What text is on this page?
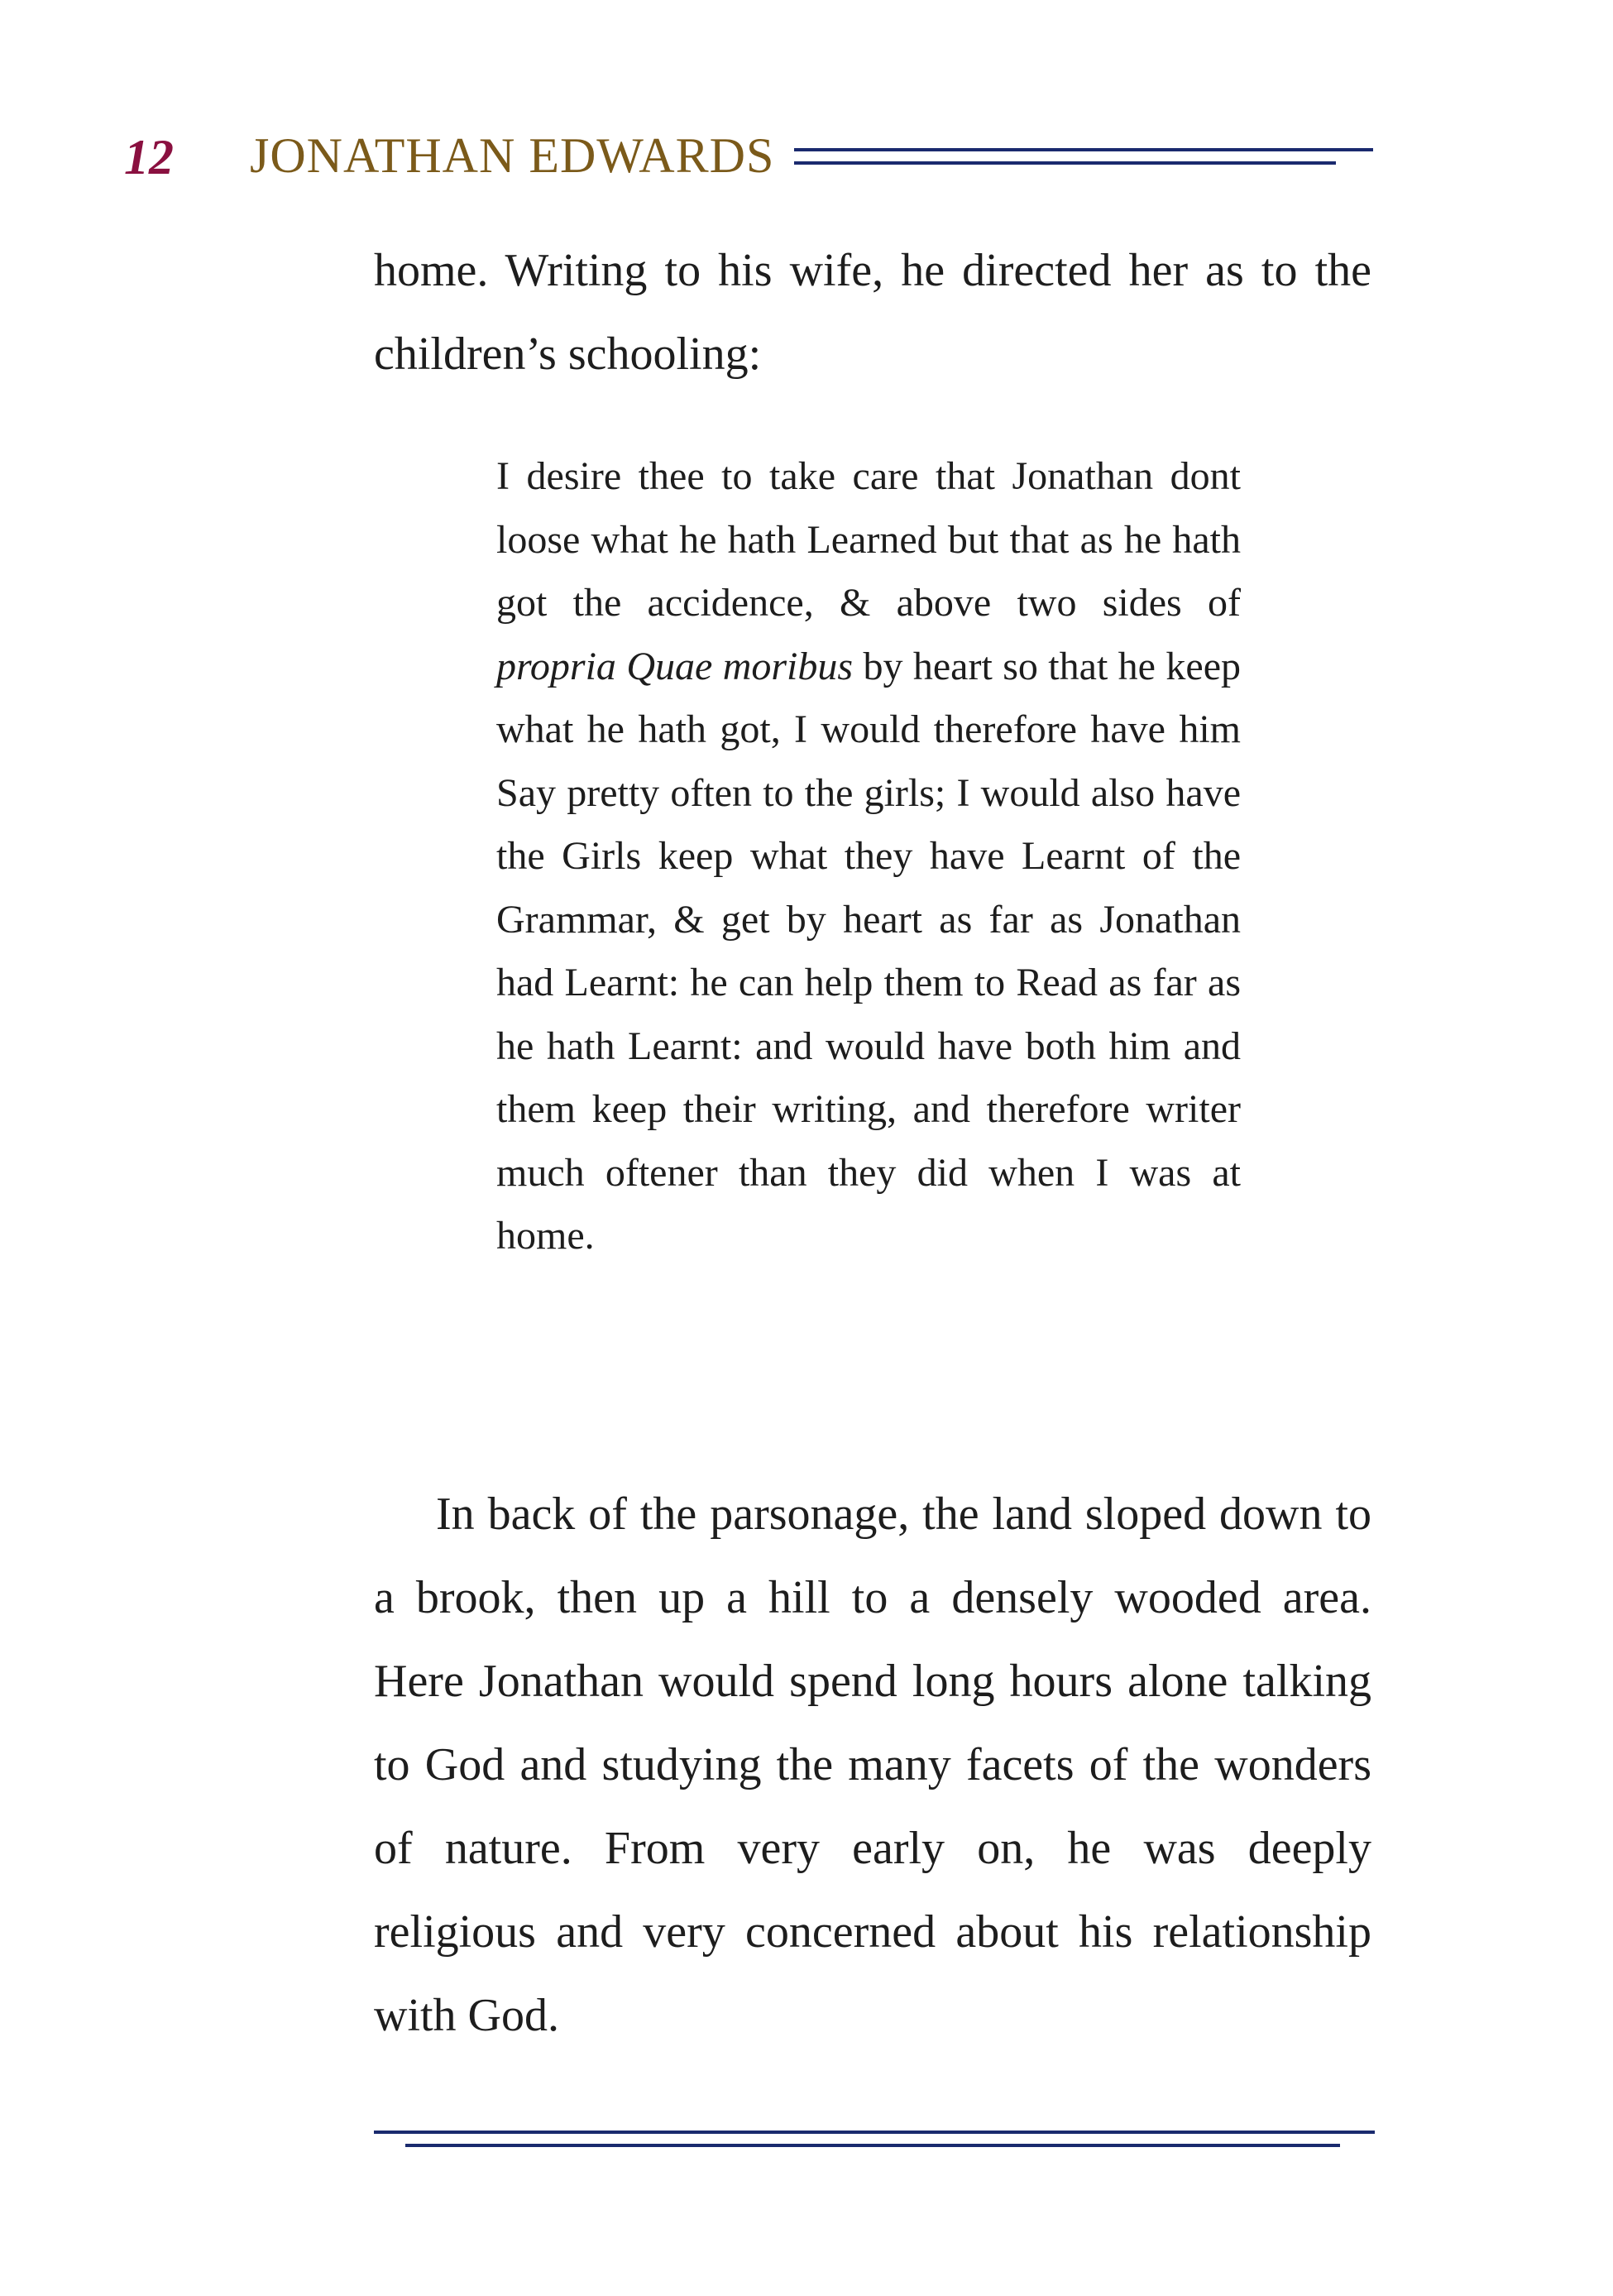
12 JONATHAN EDWARDS

home. Writing to his wife, he directed her as to the children’s schooling:

I desire thee to take care that Jonathan dont loose what he hath Learned but that as he hath got the accidence, & above two sides of propria Quae moribus by heart so that he keep what he hath got, I would therefore have him Say pretty often to the girls; I would also have the Girls keep what they have Learnt of the Grammar, & get by heart as far as Jonathan had Learnt: he can help them to Read as far as he hath Learnt: and would have both him and them keep their writing, and therefore writer much oftener than they did when I was at home.

In back of the parsonage, the land sloped down to a brook, then up a hill to a densely wooded area. Here Jonathan would spend long hours alone talking to God and studying the many facets of the wonders of nature. From very early on, he was deeply religious and very concerned about his relationship with God.
